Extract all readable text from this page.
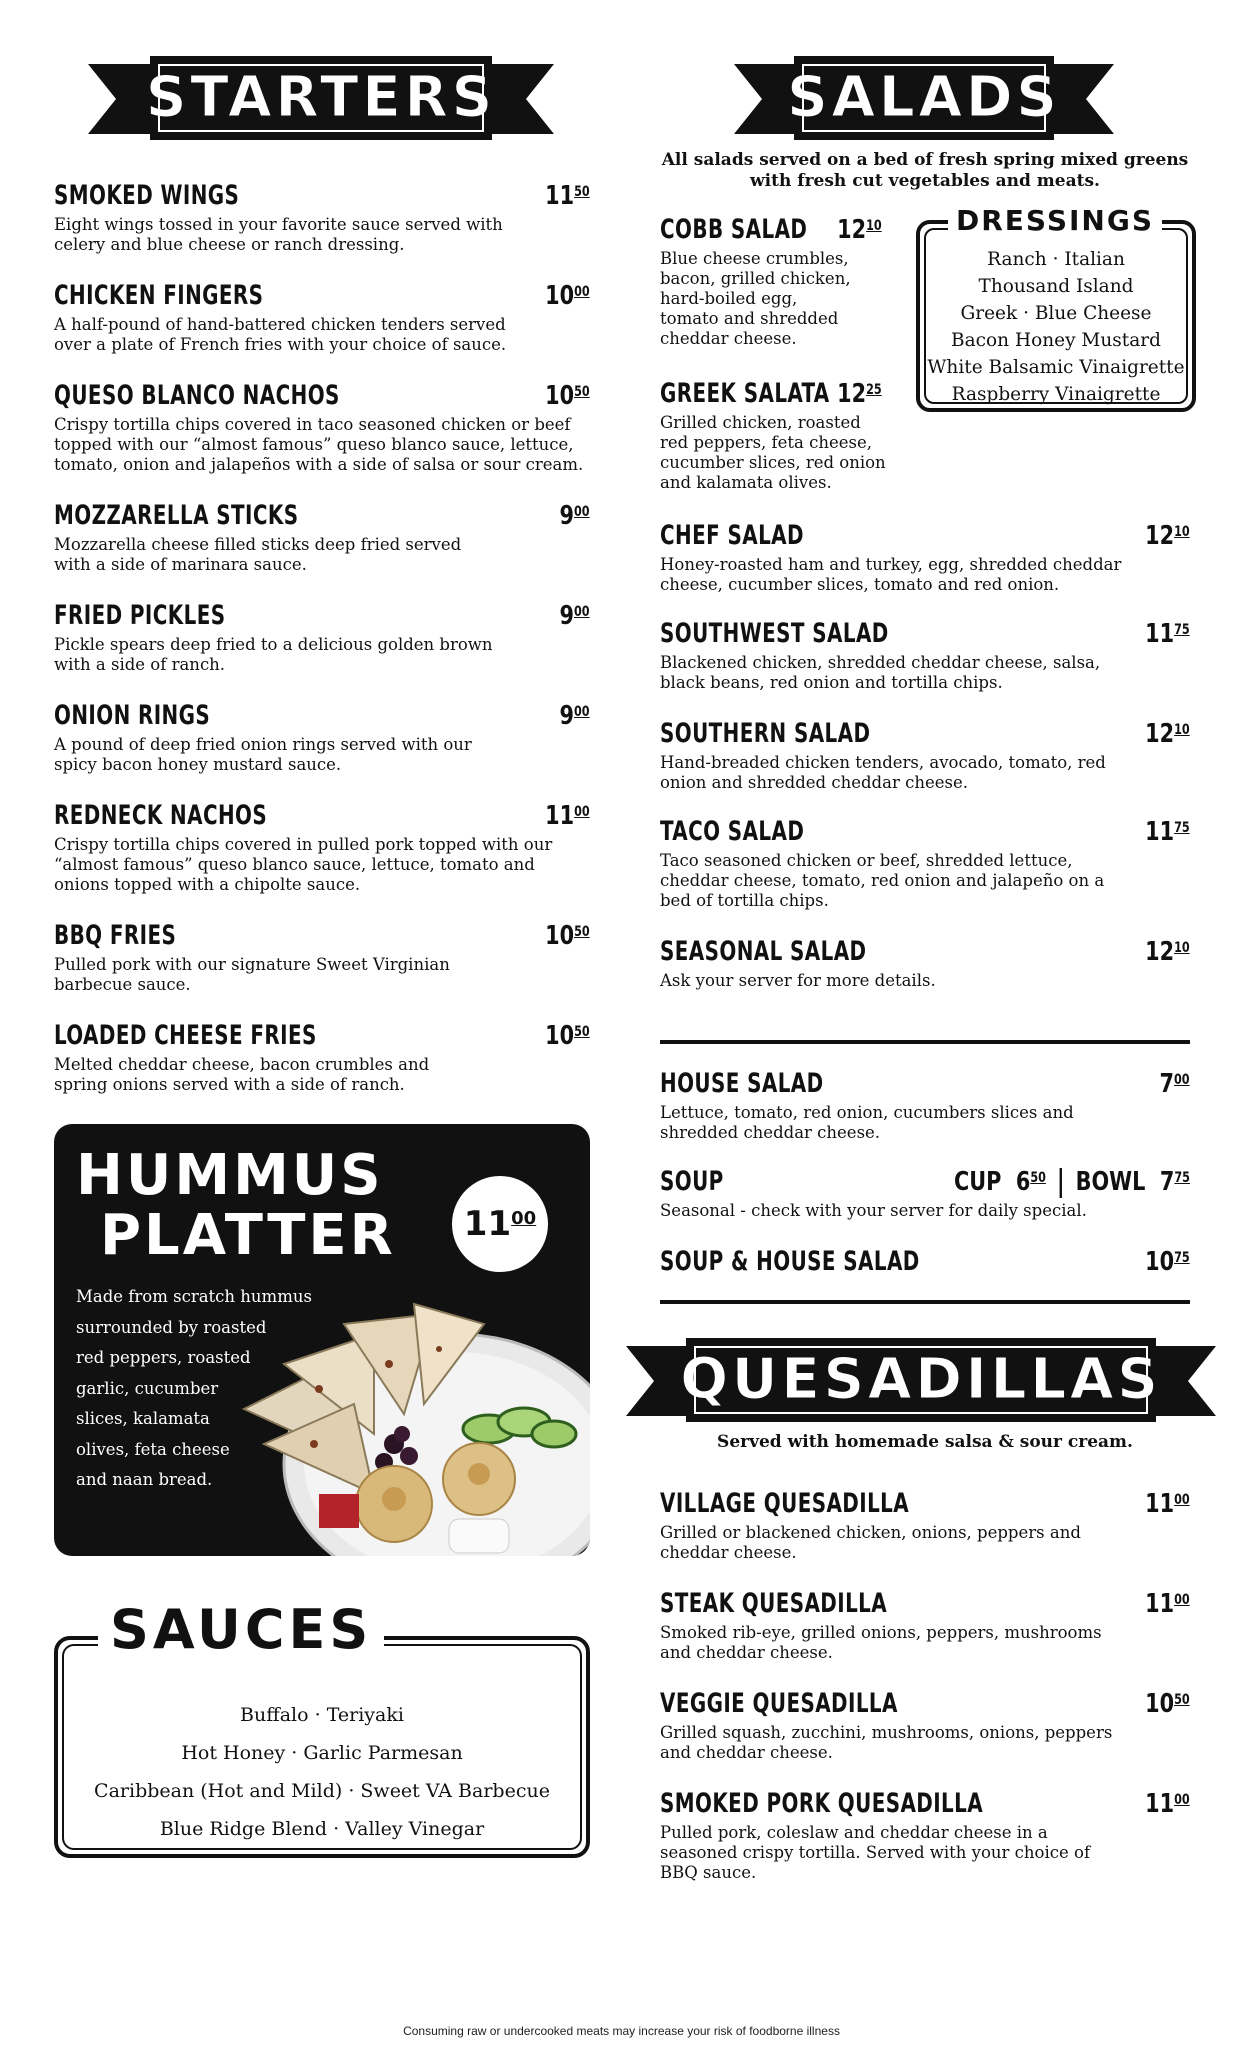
STARTERS
SMOKED WINGS	$11^{50}$
Eight wings tossed in your favorite sauce served with celery and blue cheese or ranch dressing.
CHICKEN FINGERS	$10^{00}$
A half-pound of hand-battered chicken tenders served over a plate of French fries with your choice of sauce.
QUESO BLANCO NACHOS	$10^{50}$
Crispy tortilla chips covered in taco seasoned chicken or beef topped with our “almost famous” queso blanco sauce, lettuce, tomato, onion and jalapeños with a side of salsa or sour cream.
MOZZARELLA STICKS	$9^{00}$
Mozzarella cheese filled sticks deep fried served with a side of marinara sauce.
FRIED PICKLES	$9^{00}$
Pickle spears deep fried to a delicious golden brown with a side of ranch.
ONION RINGS	$9^{00}$
A pound of deep fried onion rings served with our spicy bacon honey mustard sauce.
REDNECK NACHOS	$11^{00}$
Crispy tortilla chips covered in pulled pork topped with our “almost famous” queso blanco sauce, lettuce, tomato and onions topped with a chipolte sauce.
BBQ FRIES	$10^{50}$
Pulled pork with our signature Sweet Virginian barbecue sauce.
LOADED CHEESE FRIES	$10^{50}$
Melted cheddar cheese, bacon crumbles and spring onions served with a side of ranch.
HUMMUS
PLATTER $11^{00}$
Made from scratch hummus
surrounded by roasted
red peppers, roasted
garlic, cucumber
slices, kalamata
olives, feta cheese
and naan bread.
SAUCES
Buffalo · Teriyaki
Hot Honey · Garlic Parmesan
Caribbean (Hot and Mild) · Sweet VA Barbecue
Blue Ridge Blend · Valley Vinegar
SALADS
All salads served on a bed of fresh spring mixed greens
with fresh cut vegetables and meats.
COBB SALAD	$12^{10}$
Blue cheese crumbles, bacon, grilled chicken, hard-boiled egg, tomato and shredded cheddar cheese.
DRESSINGS
Ranch · Italian
Thousand Island
Greek · Blue Cheese
Bacon Honey Mustard
White Balsamic Vinaigrette
Raspberry Vinaigrette
GREEK SALATA $12^{25}$
Grilled chicken, roasted red peppers, feta cheese, cucumber slices, red onion and kalamata olives.
CHEF SALAD	$12^{10}$
Honey-roasted ham and turkey, egg, shredded cheddar cheese, cucumber slices, tomato and red onion.
SOUTHWEST SALAD	$11^{75}$
Blackened chicken, shredded cheddar cheese, salsa, black beans, red onion and tortilla chips.
SOUTHERN SALAD	$12^{10}$
Hand-breaded chicken tenders, avocado, tomato, red onion and shredded cheddar cheese.
TACO SALAD	$11^{75}$
Taco seasoned chicken or beef, shredded lettuce, cheddar cheese, tomato, red onion and jalapeño on a bed of tortilla chips.
SEASONAL SALAD	$12^{10}$
Ask your server for more details.
HOUSE SALAD	$7^{00}$
Lettuce, tomato, red onion, cucumbers slices and shredded cheddar cheese.
SOUP	CUP $6^{50}$ BOWL $7^{75}$
Seasonal - check with your server for daily special.
SOUP & HOUSE SALAD	$10^{75}$
QUESADILLAS
Served with homemade salsa & sour cream.
VILLAGE QUESADILLA	$11^{00}$
Grilled or blackened chicken, onions, peppers and cheddar cheese.
STEAK QUESADILLA	$11^{00}$
Smoked rib-eye, grilled onions, peppers, mushrooms and cheddar cheese.
VEGGIE QUESADILLA	$10^{50}$
Grilled squash, zucchini, mushrooms, onions, peppers and cheddar cheese.
SMOKED PORK QUESADILLA	$11^{00}$
Pulled pork, coleslaw and cheddar cheese in a seasoned crispy tortilla. Served with your choice of BBQ sauce.
Consuming raw or undercooked meats may increase your risk of foodborne illness
